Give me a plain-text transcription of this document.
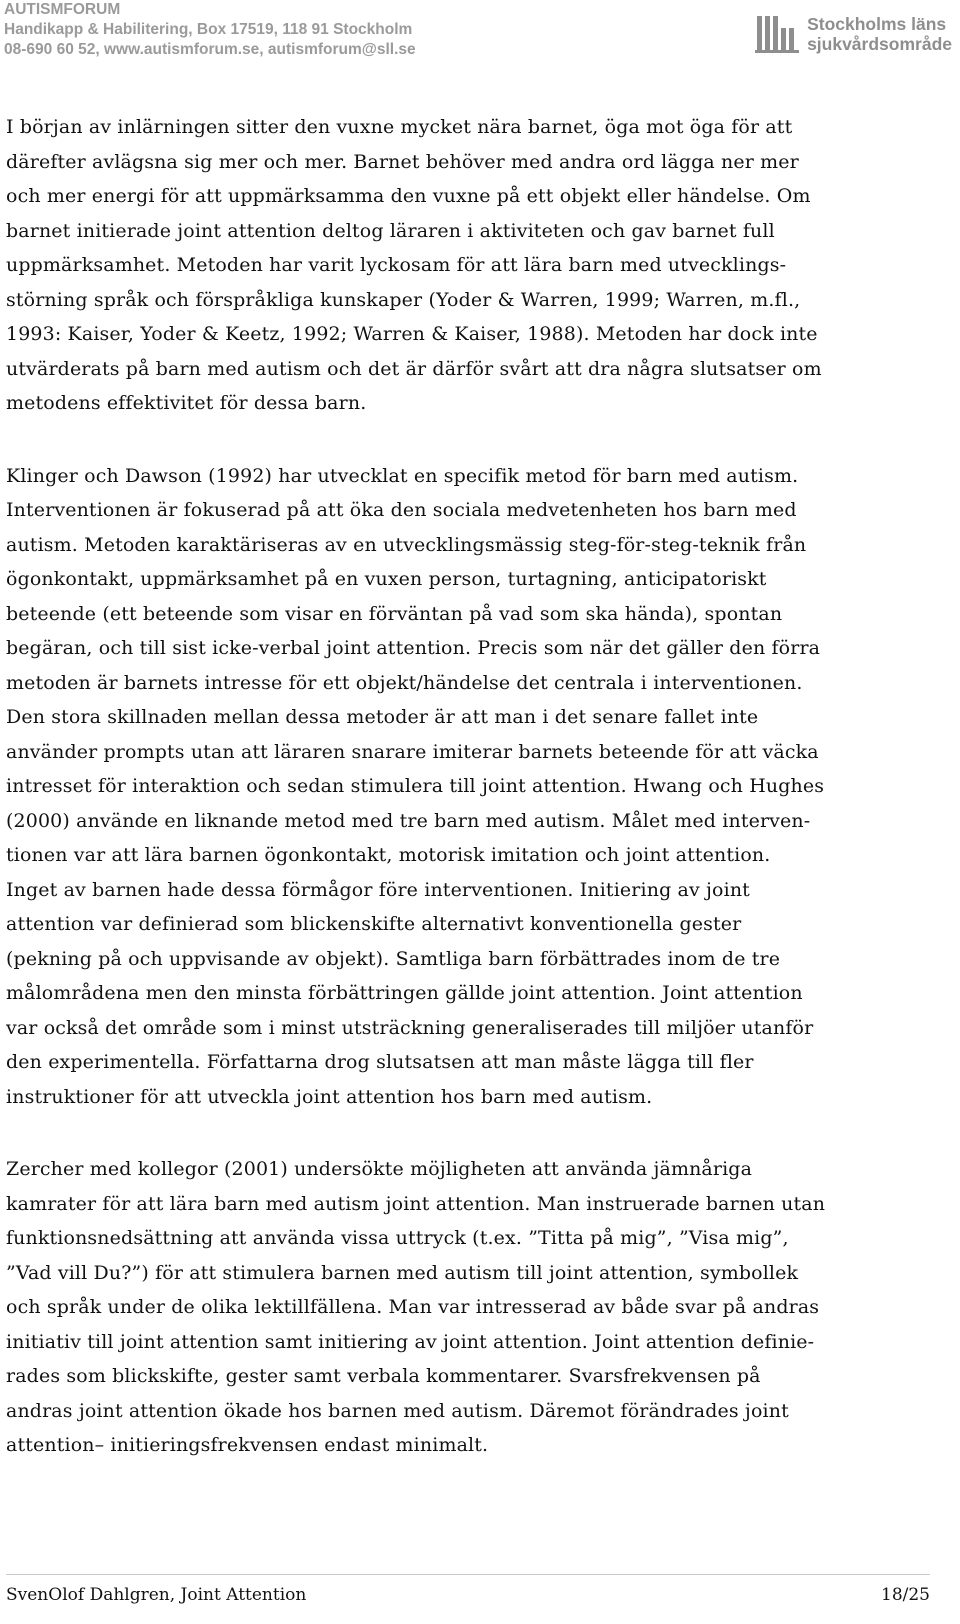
AUTISMFORUM
Handikapp & Habilitering, Box 17519, 118 91 Stockholm
08-690 60 52, www.autismforum.se, autismforum@sll.se
Stockholms läns
sjukvårdsområde
I början av inlärningen sitter den vuxne mycket nära barnet, öga mot öga för att
därefter avlägsna sig mer och mer. Barnet behöver med andra ord lägga ner mer
och mer energi för att uppmärksamma den vuxne på ett objekt eller händelse. Om
barnet initierade joint attention deltog läraren i aktiviteten och gav barnet full
uppmärksamhet. Metoden har varit lyckosam för att lära barn med utvecklings-
störning språk och förspråkliga kunskaper (Yoder & Warren, 1999; Warren, m.fl.,
1993: Kaiser, Yoder & Keetz, 1992; Warren & Kaiser, 1988). Metoden har dock inte
utvärderats på barn med autism och det är därför svårt att dra några slutsatser om
metodens effektivitet för dessa barn.
Klinger och Dawson (1992) har utvecklat en specifik metod för barn med autism.
Interventionen är fokuserad på att öka den sociala medvetenheten hos barn med
autism. Metoden karaktäriseras av en utvecklingsmässig steg-för-steg-teknik från
ögonkontakt, uppmärksamhet på en vuxen person, turtagning, anticipatoriskt
beteende (ett beteende som visar en förväntan på vad som ska hända), spontan
begäran, och till sist icke-verbal joint attention. Precis som när det gäller den förra
metoden är barnets intresse för ett objekt/händelse det centrala i interventionen.
Den stora skillnaden mellan dessa metoder är att man i det senare fallet inte
använder prompts utan att läraren snarare imiterar barnets beteende för att väcka
intresset för interaktion och sedan stimulera till joint attention. Hwang och Hughes
(2000) använde en liknande metod med tre barn med autism. Målet med interven-
tionen var att lära barnen ögonkontakt, motorisk imitation och joint attention.
Inget av barnen hade dessa förmågor före interventionen. Initiering av joint
attention var definierad som blickenskifte alternativt konventionella gester
(pekning på och uppvisande av objekt). Samtliga barn förbättrades inom de tre
målområdena men den minsta förbättringen gällde joint attention. Joint attention
var också det område som i minst utsträckning generaliserades till miljöer utanför
den experimentella. Författarna drog slutsatsen att man måste lägga till fler
instruktioner för att utveckla joint attention hos barn med autism.
Zercher med kollegor (2001) undersökte möjligheten att använda jämnåriga
kamrater för att lära barn med autism joint attention. Man instruerade barnen utan
funktionsnedsättning att använda vissa uttryck (t.ex. ”Titta på mig”, ”Visa mig”,
”Vad vill Du?”) för att stimulera barnen med autism till joint attention, symbollek
och språk under de olika lektillfällena. Man var intresserad av både svar på andras
initiativ till joint attention samt initiering av joint attention. Joint attention definie-
rades som blickskifte, gester samt verbala kommentarer. Svarsfrekvensen på
andras joint attention ökade hos barnen med autism. Däremot förändrades joint
attention– initieringsfrekvensen endast minimalt.
SvenOlof Dahlgren, Joint Attention	18/25
